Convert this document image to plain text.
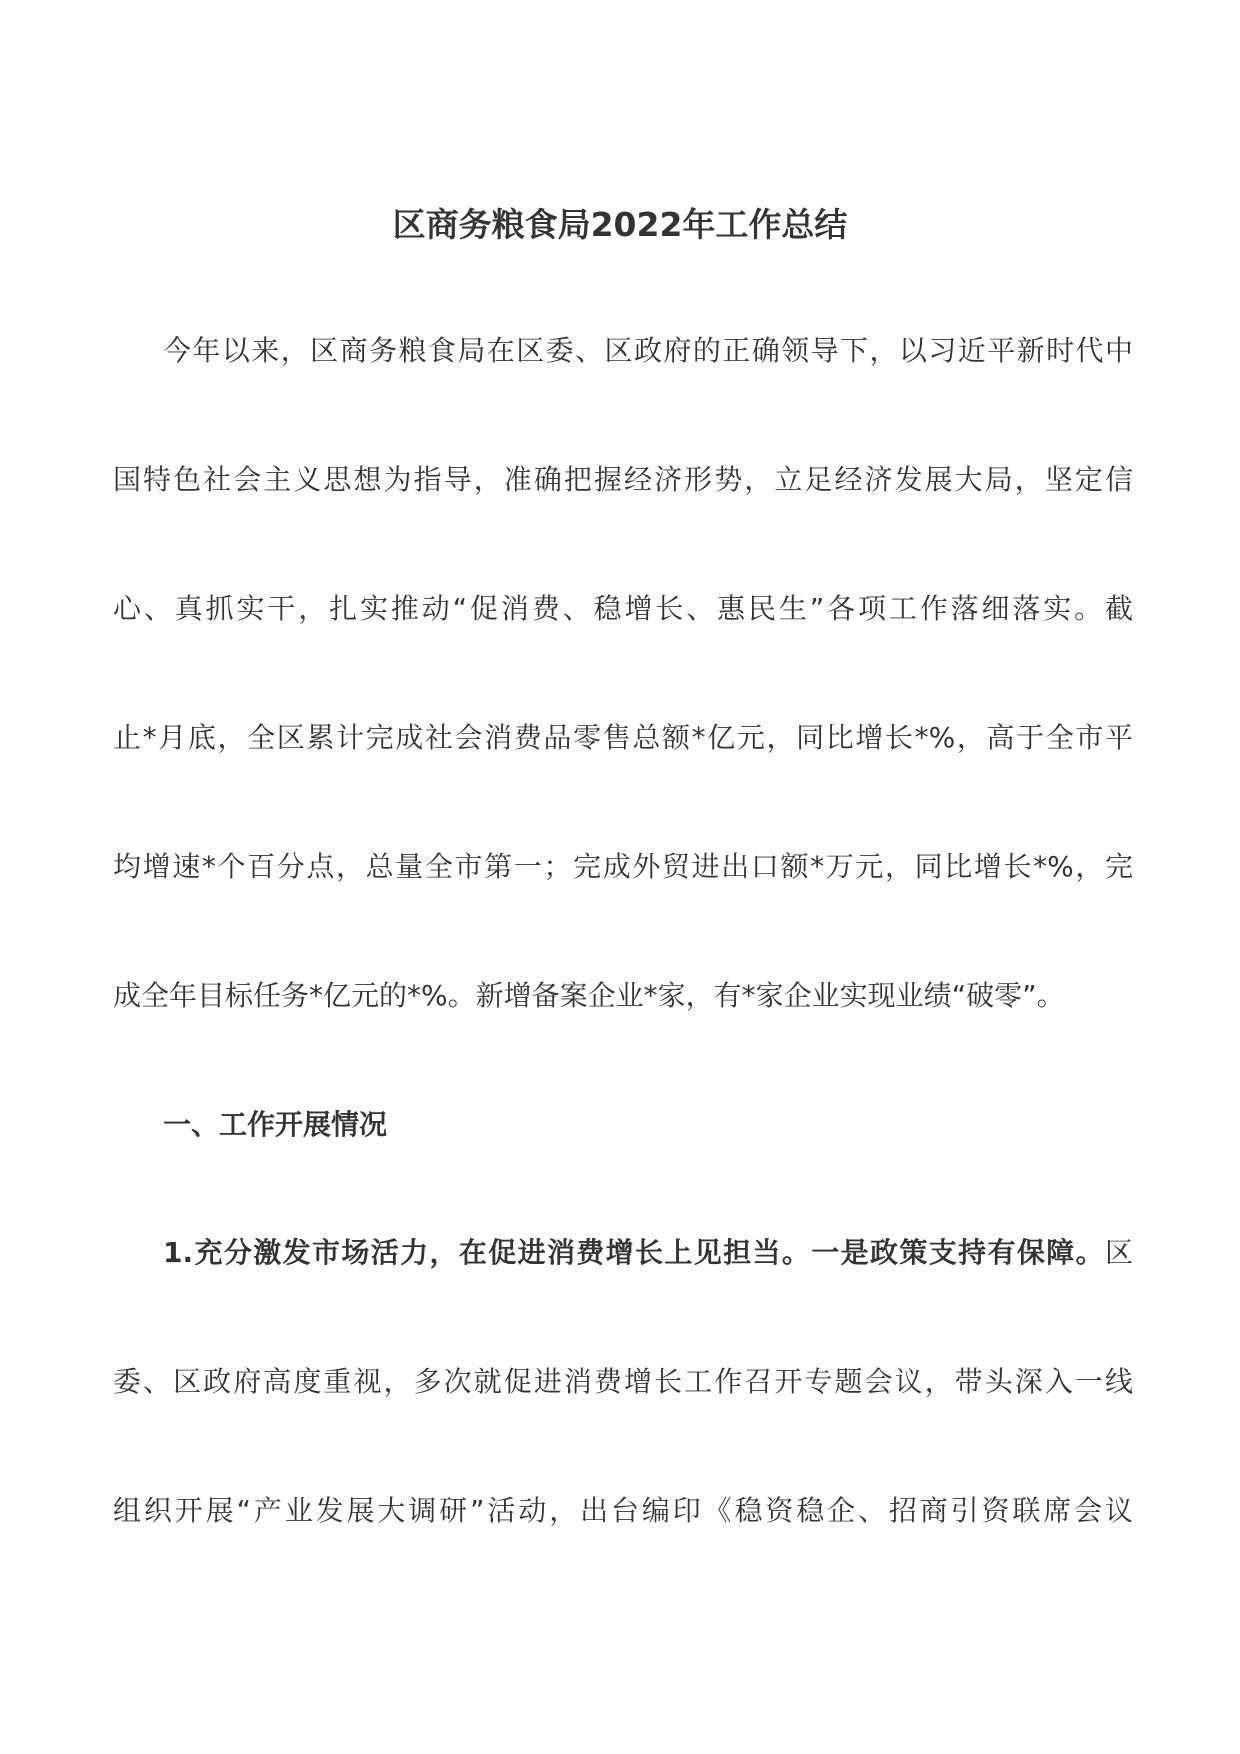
区商务粮食局2022年工作总结
今年以来，区商务粮食局在区委、区政府的正确领导下，以习近平新时代中
国特色社会主义思想为指导，准确把握经济形势，立足经济发展大局，坚定信
心、真抓实干，扎实推动“促消费、稳增长、惠民生”各项工作落细落实。截
止*月底，全区累计完成社会消费品零售总额*亿元，同比增长*%，高于全市平
均增速*个百分点，总量全市第一；完成外贸进出口额*万元，同比增长*%，完
成全年目标任务*亿元的*%。新增备案企业*家，有*家企业实现业绩“破零”。
一、工作开展情况
1.充分激发市场活力，在促进消费增长上见担当。一是政策支持有保障。区
委、区政府高度重视，多次就促进消费增长工作召开专题会议，带头深入一线
组织开展“产业发展大调研”活动，出台编印《稳资稳企、招商引资联席会议
